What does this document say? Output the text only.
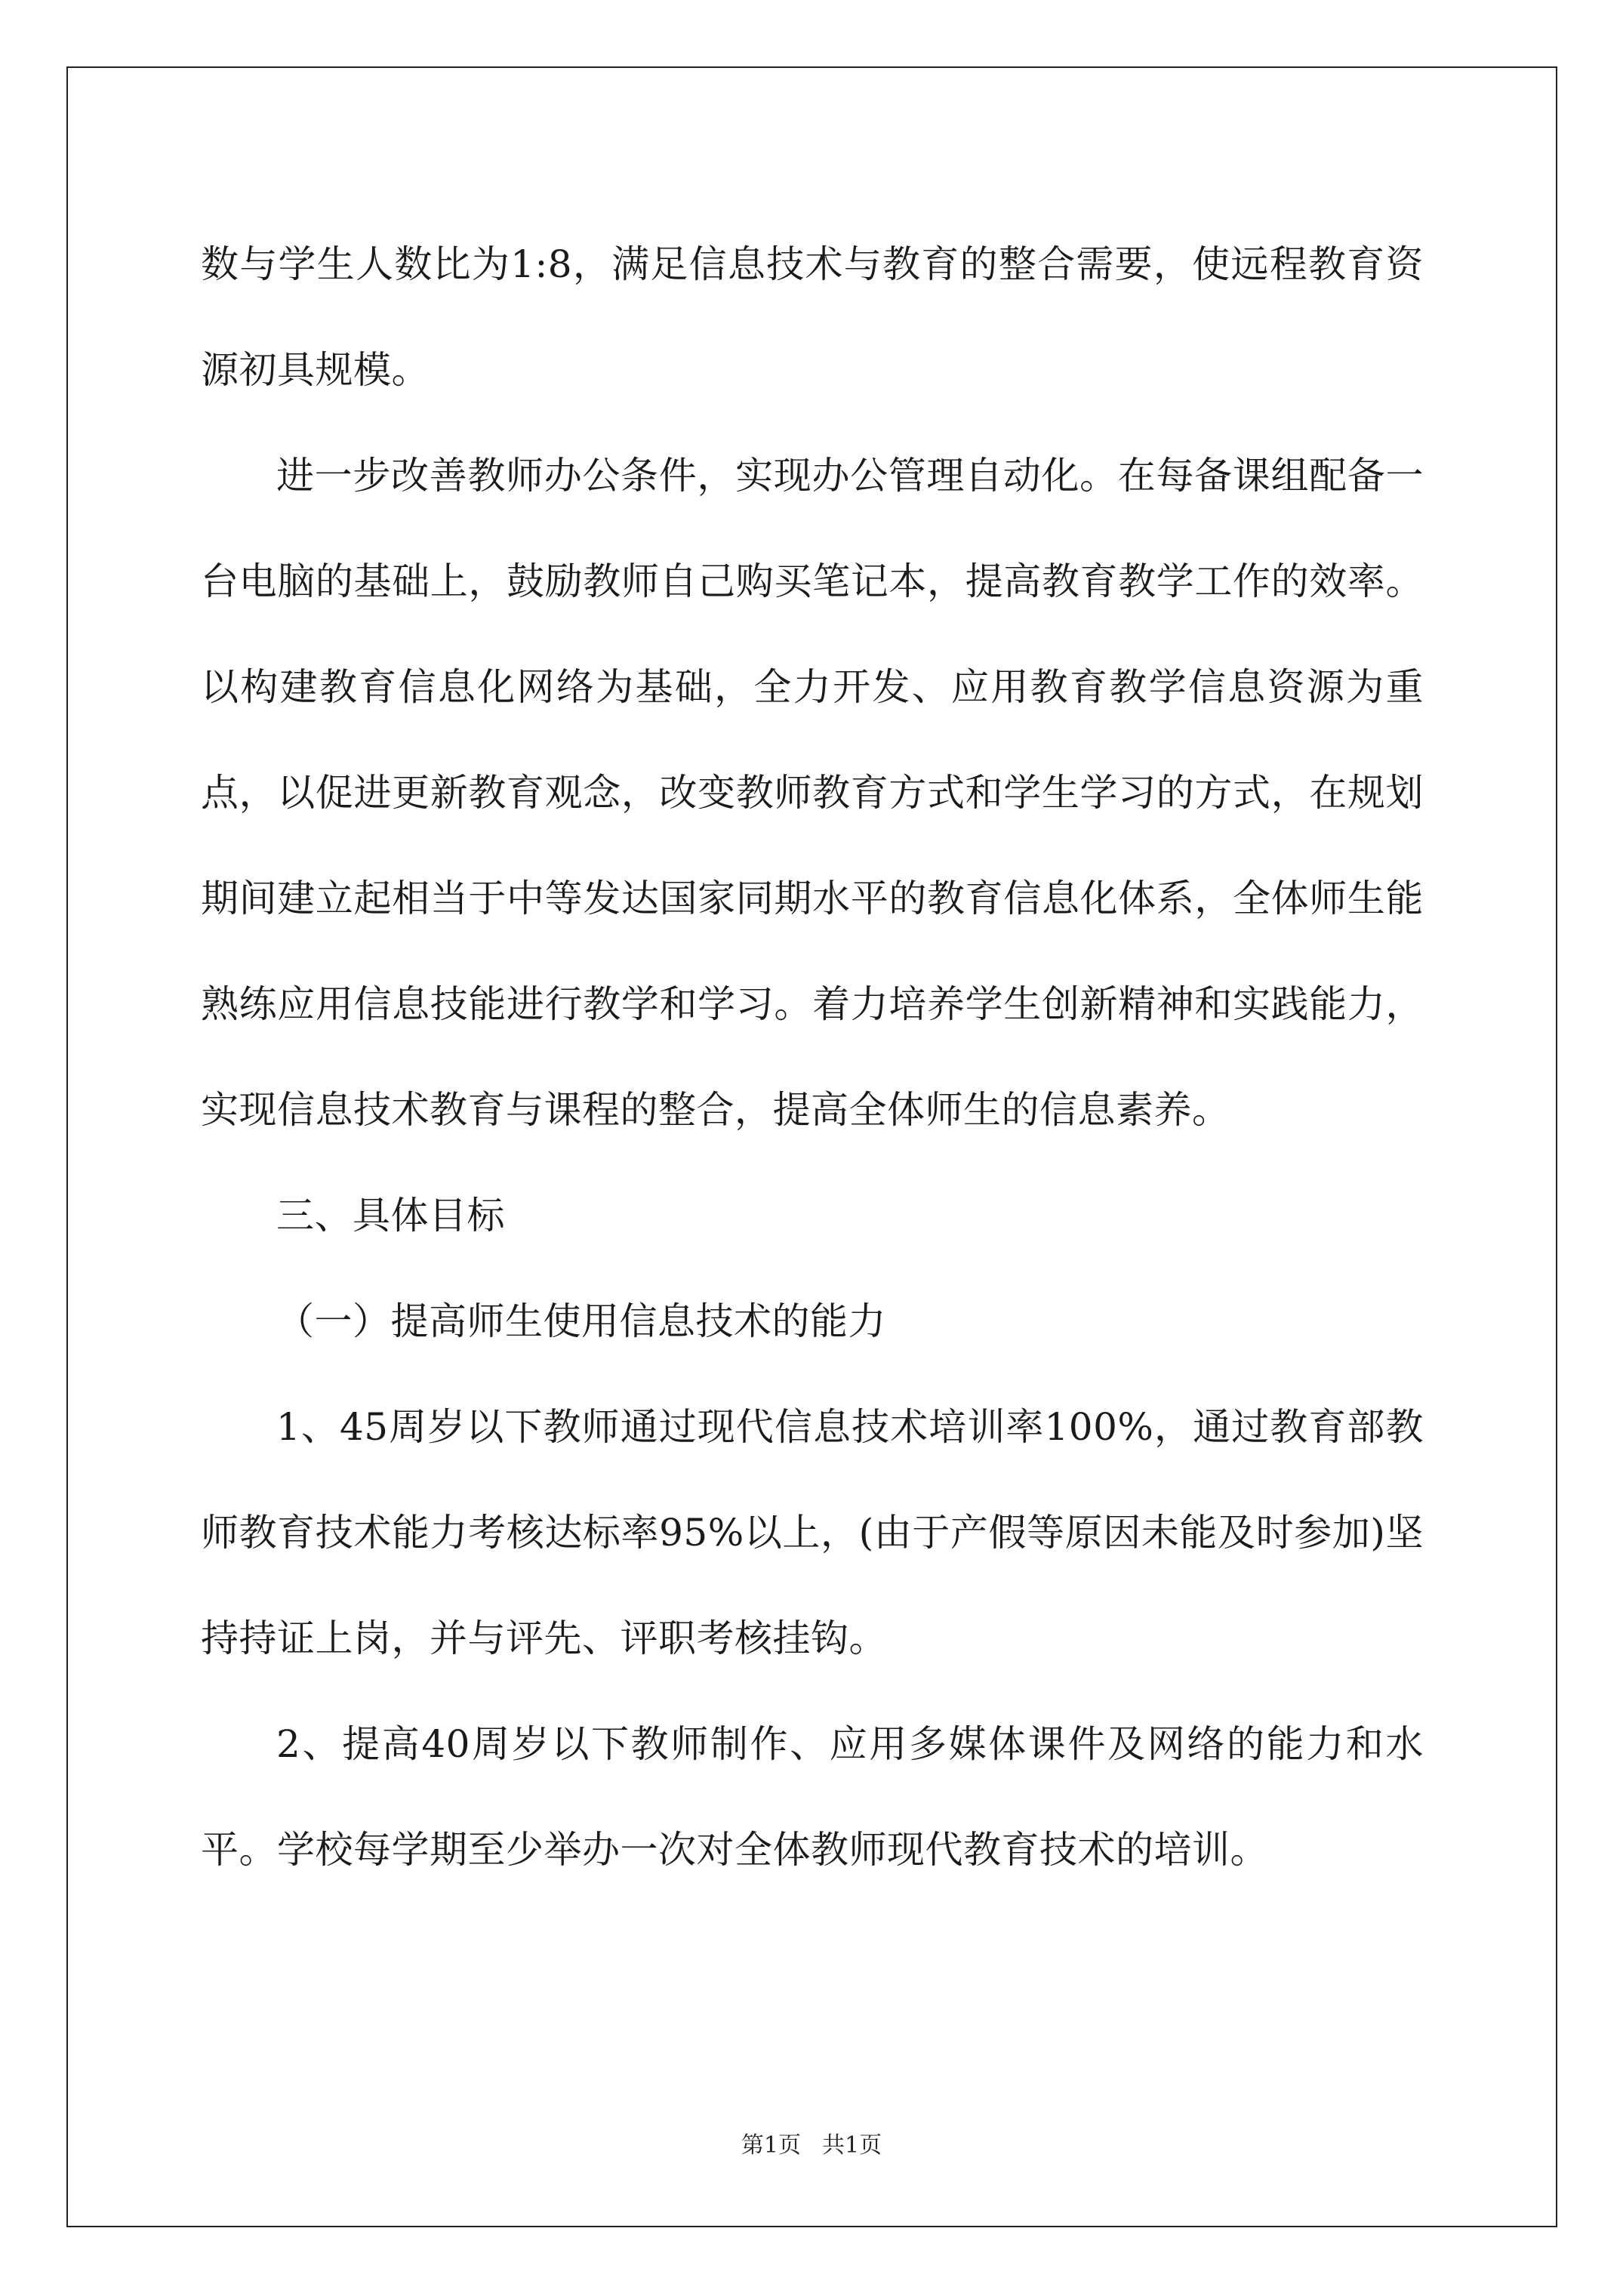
数与学生人数比为1:8，满足信息技术与教育的整合需要，使远程教育资源初具规模。

进一步改善教师办公条件，实现办公管理自动化。在每备课组配备一台电脑的基础上，鼓励教师自己购买笔记本，提高教育教学工作的效率。以构建教育信息化网络为基础，全力开发、应用教育教学信息资源为重点，以促进更新教育观念，改变教师教育方式和学生学习的方式，在规划期间建立起相当于中等发达国家同期水平的教育信息化体系，全体师生能熟练应用信息技能进行教学和学习。着力培养学生创新精神和实践能力，实现信息技术教育与课程的整合，提高全体师生的信息素养。

三、具体目标

（一）提高师生使用信息技术的能力

1、45周岁以下教师通过现代信息技术培训率100%，通过教育部教师教育技术能力考核达标率95%以上，(由于产假等原因未能及时参加)坚持持证上岗，并与评先、评职考核挂钩。

2、提高40周岁以下教师制作、应用多媒体课件及网络的能力和水平。学校每学期至少举办一次对全体教师现代教育技术的培训。

第1页 共1页
